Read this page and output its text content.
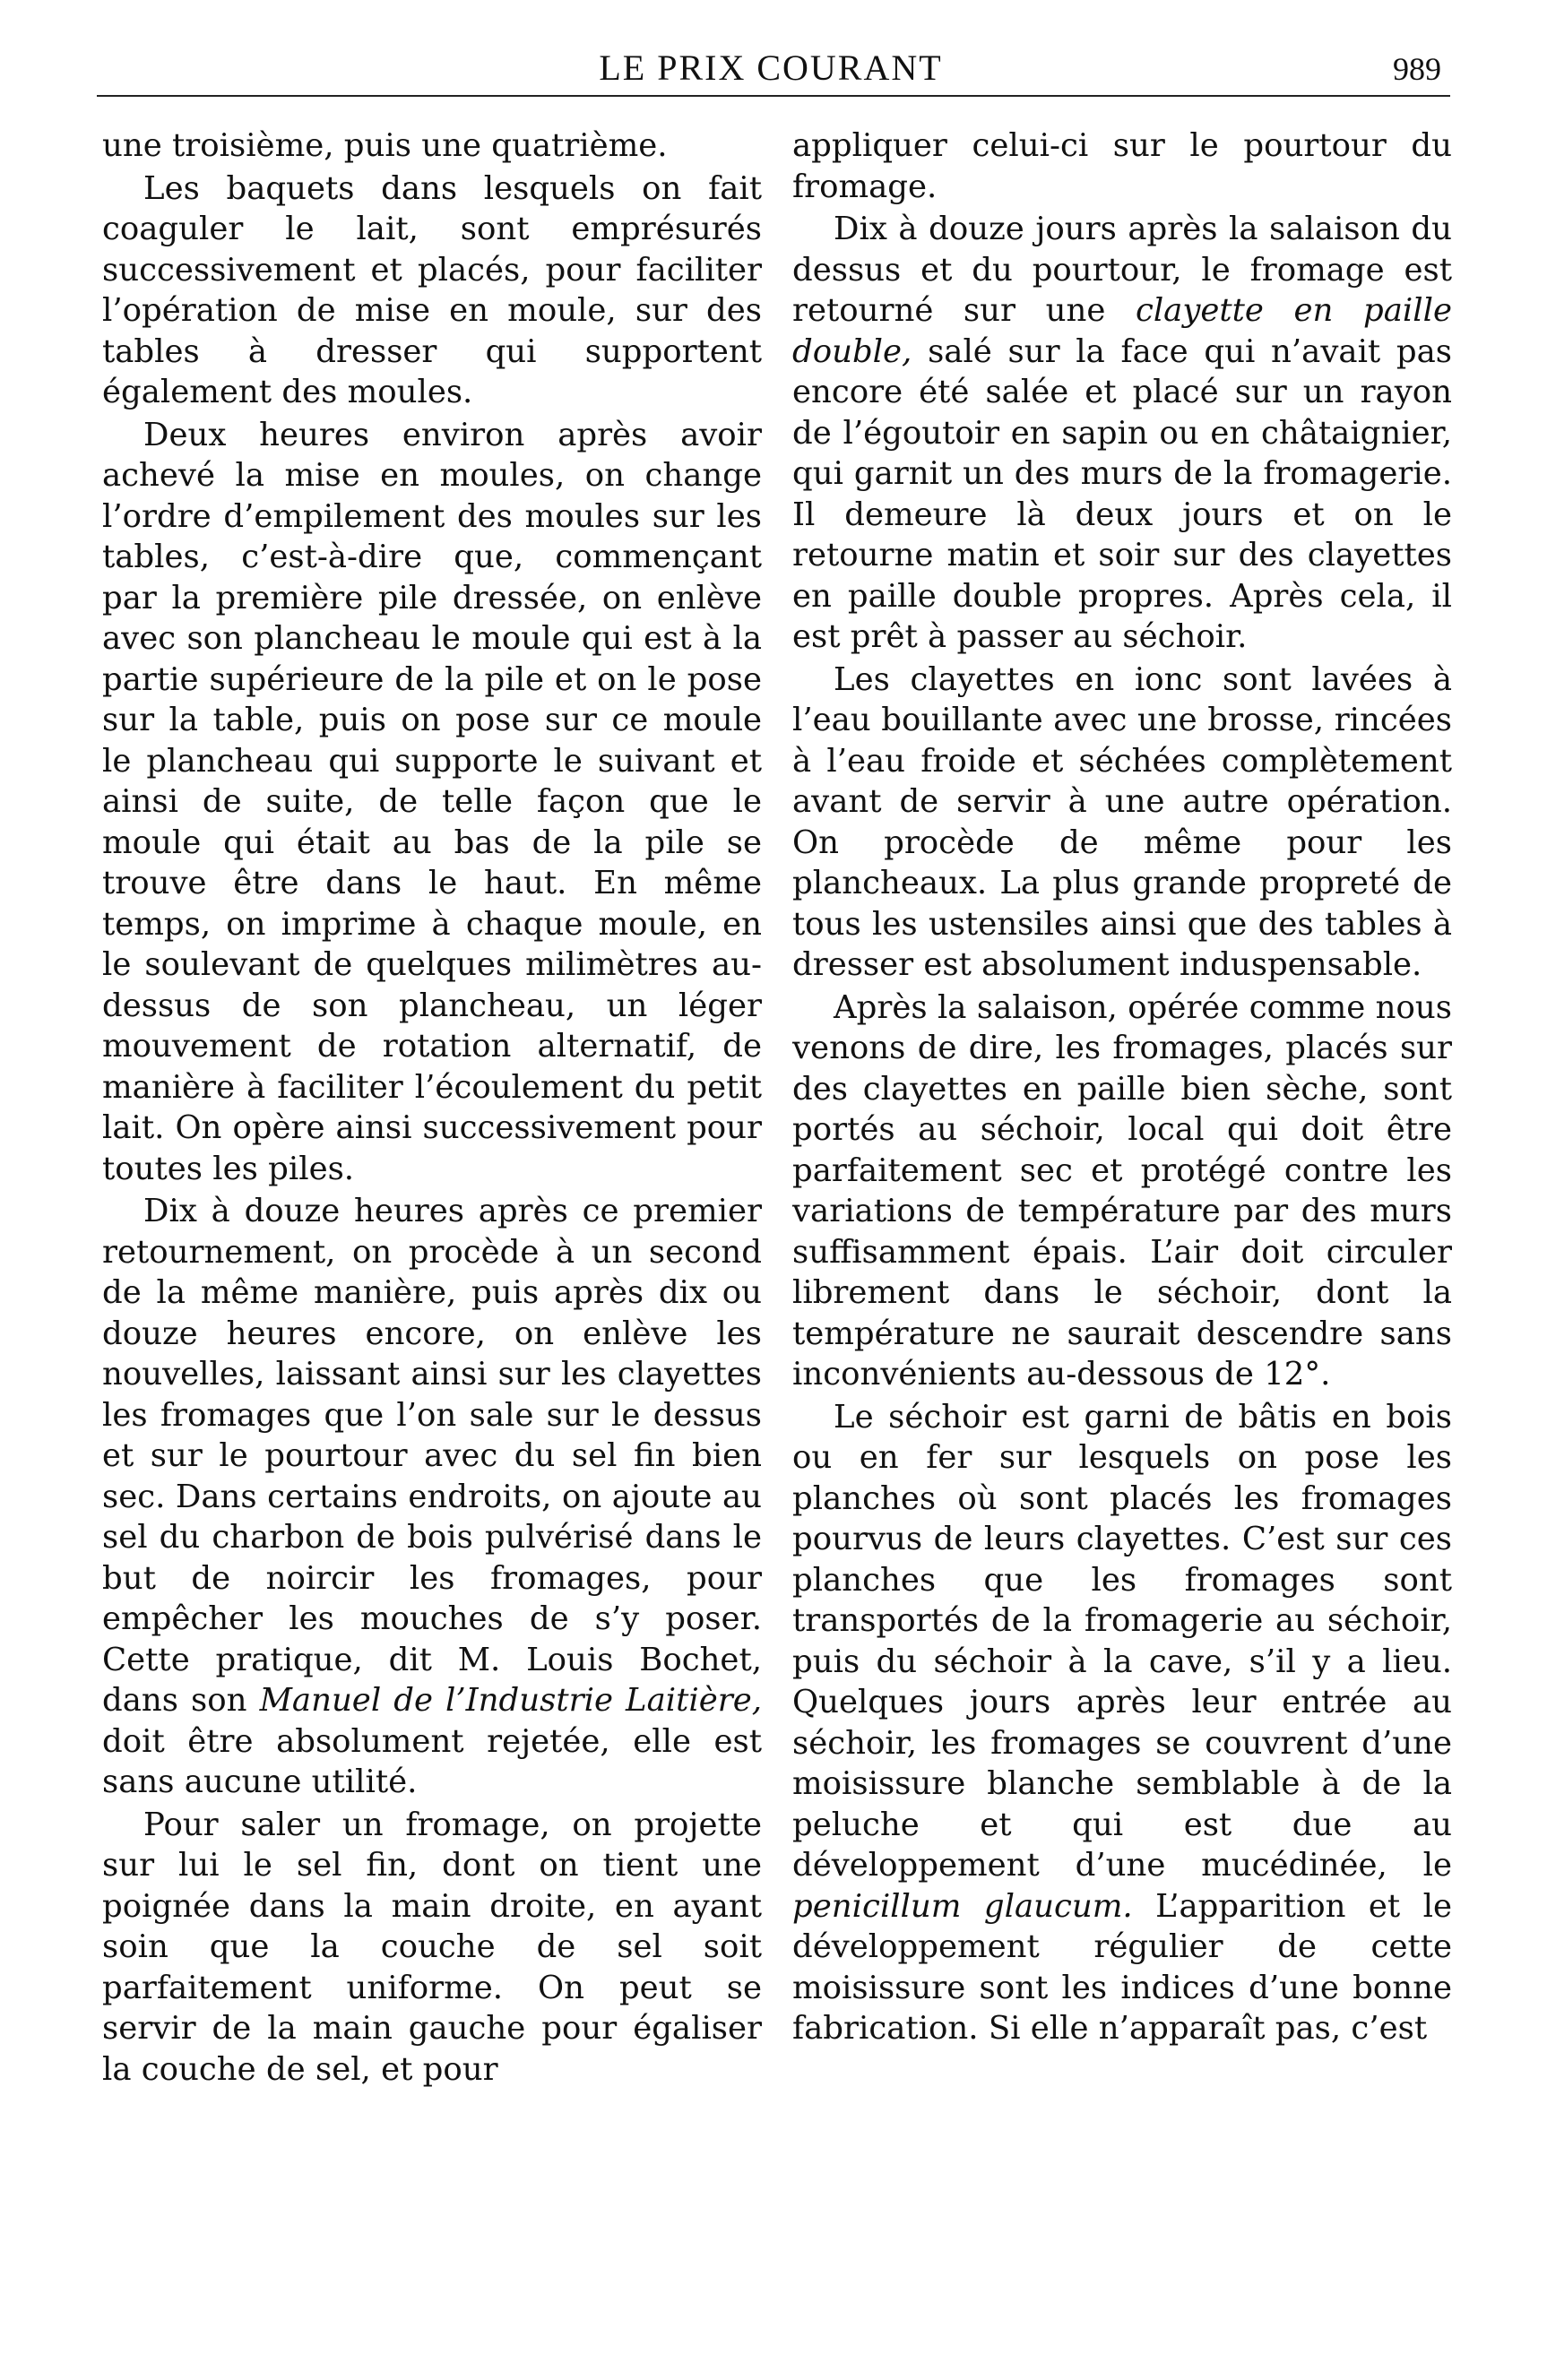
LE PRIX COURANT	989

une troisième, puis une quatrième.

Les baquets dans lesquels on fait coaguler le lait, sont emprésurés successivement et placés, pour faciliter l’opération de mise en moule, sur des tables à dresser qui supportent également des moules.

Deux heures environ après avoir achevé la mise en moules, on change l’ordre d’empilement des moules sur les tables, c’est-à-dire que, commençant par la première pile dressée, on enlève avec son plancheau le moule qui est à la partie supérieure de la pile et on le pose sur la table, puis on pose sur ce moule le plancheau qui supporte le suivant et ainsi de suite, de telle façon que le moule qui était au bas de la pile se trouve être dans le haut. En même temps, on imprime à chaque moule, en le soulevant de quelques milimètres au-dessus de son plancheau, un léger mouvement de rotation alternatif, de manière à faciliter l’écoulement du petit lait. On opère ainsi successivement pour toutes les piles.

Dix à douze heures après ce premier retournement, on procède à un second de la même manière, puis après dix ou douze heures encore, on enlève les nouvelles, laissant ainsi sur les clayettes les fromages que l’on sale sur le dessus et sur le pourtour avec du sel fin bien sec. Dans certains endroits, on ajoute au sel du charbon de bois pulvérisé dans le but de noircir les fromages, pour empêcher les mouches de s’y poser. Cette pratique, dit M. Louis Bochet, dans son Manuel de l’Industrie Laitière, doit être absolument rejetée, elle est sans aucune utilité.

Pour saler un fromage, on projette sur lui le sel fin, dont on tient une poignée dans la main droite, en ayant soin que la couche de sel soit parfaitement uniforme. On peut se servir de la main gauche pour égaliser la couche de sel, et pour

appliquer celui-ci sur le pourtour du fromage.

Dix à douze jours après la salaison du dessus et du pourtour, le fromage est retourné sur une clayette en paille double, salé sur la face qui n’avait pas encore été salée et placé sur un rayon de l’égoutoir en sapin ou en châtaignier, qui garnit un des murs de la fromagerie. Il demeure là deux jours et on le retourne matin et soir sur des clayettes en paille double propres. Après cela, il est prêt à passer au séchoir.

Les clayettes en ionc sont lavées à l’eau bouillante avec une brosse, rincées à l’eau froide et séchées complètement avant de servir à une autre opération. On procède de même pour les plancheaux. La plus grande propreté de tous les ustensiles ainsi que des tables à dresser est absolument induspensable.

Après la salaison, opérée comme nous venons de dire, les fromages, placés sur des clayettes en paille bien sèche, sont portés au séchoir, local qui doit être parfaitement sec et protégé contre les variations de température par des murs suffisamment épais. L’air doit circuler librement dans le séchoir, dont la température ne saurait descendre sans inconvénients au-dessous de 12°.

Le séchoir est garni de bâtis en bois ou en fer sur lesquels on pose les planches où sont placés les fromages pourvus de leurs clayettes. C’est sur ces planches que les fromages sont transportés de la fromagerie au séchoir, puis du séchoir à la cave, s’il y a lieu. Quelques jours après leur entrée au séchoir, les fromages se couvrent d’une moisissure blanche semblable à de la peluche et qui est due au développement d’une mucédinée, le penicillum glaucum. L’apparition et le développement régulier de cette moisissure sont les indices d’une bonne fabrication. Si elle n’apparaît pas, c’est
